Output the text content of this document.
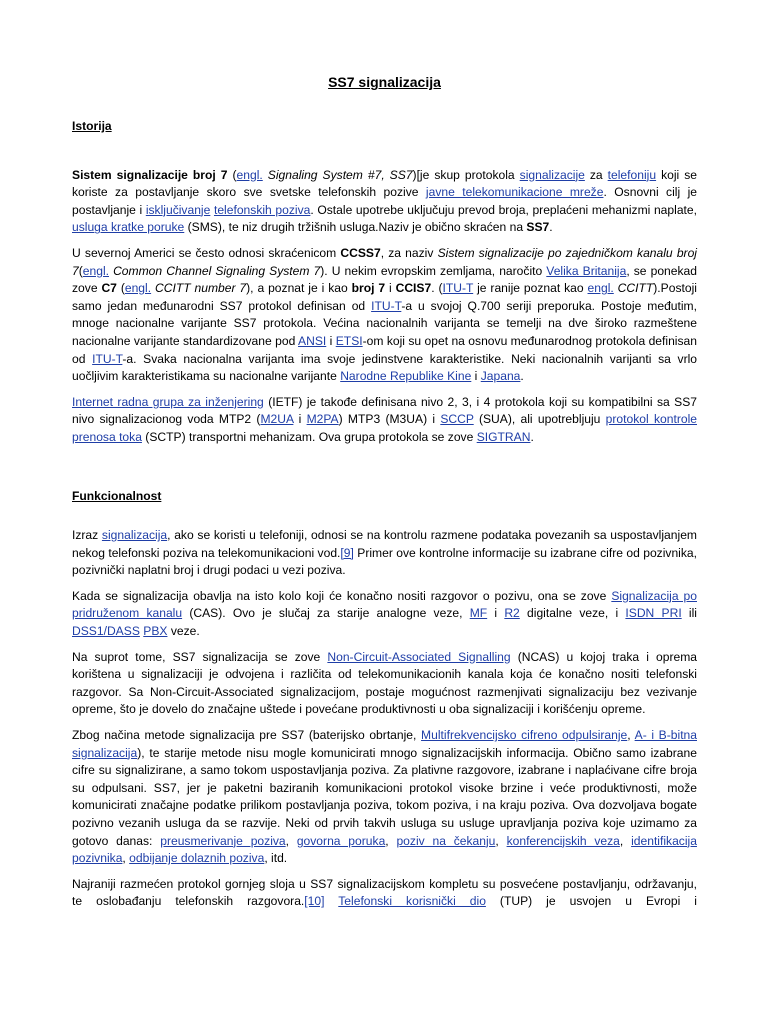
SS7 signalizacija
Istorija

Sistem signalizacije broj 7 (engl. Signaling System #7, SS7)[je skup protokola signalizacije za telefoniju koji se koriste za postavljanje skoro sve svetske telefonskih pozive javne telekomunikacione mreže. Osnovni cilj je postavljanje i isključivanje telefonskih poziva. Ostale upotrebe uključuju prevod broja, preplaćeni mehanizmi naplate, usluga kratke poruke (SMS), te niz drugih tržišnih usluga.Naziv je obično skraćen na SS7.

U severnoj Americi se često odnosi skraćenicom CCSS7, za naziv Sistem signalizacije po zajedničkom kanalu broj 7(engl. Common Channel Signaling System 7). U nekim evropskim zemljama, naročito Velika Britanija, se ponekad zove C7 (engl. CCITT number 7), a poznat je i kao broj 7 i CCIS7. (ITU-T je ranije poznat kao engl. CCITT).Postoji samo jedan međunarodni SS7 protokol definisan od ITU-T-a u svojoj Q.700 seriji preporuka. Postoje međutim, mnoge nacionalne varijante SS7 protokola. Većina nacionalnih varijanta se temelji na dve široko razmeštene nacionalne varijante standardizovane pod ANSI i ETSI-om koji su opet na osnovu međunarodnog protokola definisan od ITU-T-a. Svaka nacionalna varijanta ima svoje jedinstvene karakteristike. Neki nacionalnih varijanti sa vrlo uočljivim karakteristikama su nacionalne varijante Narodne Republike Kine i Japana.

Internet radna grupa za inženjering (IETF) je takođe definisana nivo 2, 3, i 4 protokola koji su kompatibilni sa SS7 nivo signalizacionog voda MTP2 (M2UA i M2PA) MTP3 (M3UA) i SCCP (SUA), ali upotrebljuju protokol kontrole prenosa toka (SCTP) transportni mehanizam. Ova grupa protokola se zove SIGTRAN.

Funkcionalnost

Izraz signalizacija, ako se koristi u telefoniji, odnosi se na kontrolu razmene podataka povezanih sa uspostavljanjem nekog telefonski poziva na telekomunikacioni vod.[9] Primer ove kontrolne informacije su izabrane cifre od pozivnika, pozivnički naplatni broj i drugi podaci u vezi poziva.

Kada se signalizacija obavlja na isto kolo koji će konačno nositi razgovor o pozivu, ona se zove Signalizacija po pridruženom kanalu (CAS). Ovo je slučaj za starije analogne veze, MF i R2 digitalne veze, i ISDN PRI ili DSS1/DASS PBX veze.

Na suprot tome, SS7 signalizacija se zove Non-Circuit-Associated Signalling (NCAS) u kojoj traka i oprema korištena u signalizaciji je odvojena i različita od telekomunikacionih kanala koja će konačno nositi telefonski razgovor. Sa Non-Circuit-Associated signalizacijom, postaje mogućnost razmenjivati signalizaciju bez vezivanje opreme, što je dovelo do značajne uštede i povećane produktivnosti u oba signalizaciji i korišćenju opreme.

Zbog načina metode signalizacija pre SS7 (baterijsko obrtanje, Multifrekvencijsko cifreno odpulsiranje, A- i B-bitna signalizacija), te starije metode nisu mogle komunicirati mnogo signalizacijskih informacija. Obično samo izabrane cifre su signalizirane, a samo tokom uspostavljanja poziva. Za plativne razgovore, izabrane i naplaćivane cifre broja su odpulsani. SS7, jer je paketni baziranih komunikacioni protokol visoke brzine i veće produktivnosti, može komunicirati značajne podatke prilikom postavljanja poziva, tokom poziva, i na kraju poziva. Ova dozvoljava bogate pozivno vezanih usluga da se razvije. Neki od prvih takvih usluga su usluge upravljanja poziva koje uzimamo za gotovo danas: preusmerivanje poziva, govorna poruka, poziv na čekanju, konferencijskih veza, identifikacija pozivnika, odbijanje dolaznih poziva, itd.

Najraniji razmećen protokol gornjeg sloja u SS7 signalizacijskom kompletu su posvećene postavljanju, održavanju, te oslobađanju telefonskih razgovora.[10] Telefonski korisnički dio (TUP) je usvojen u Evropi i
